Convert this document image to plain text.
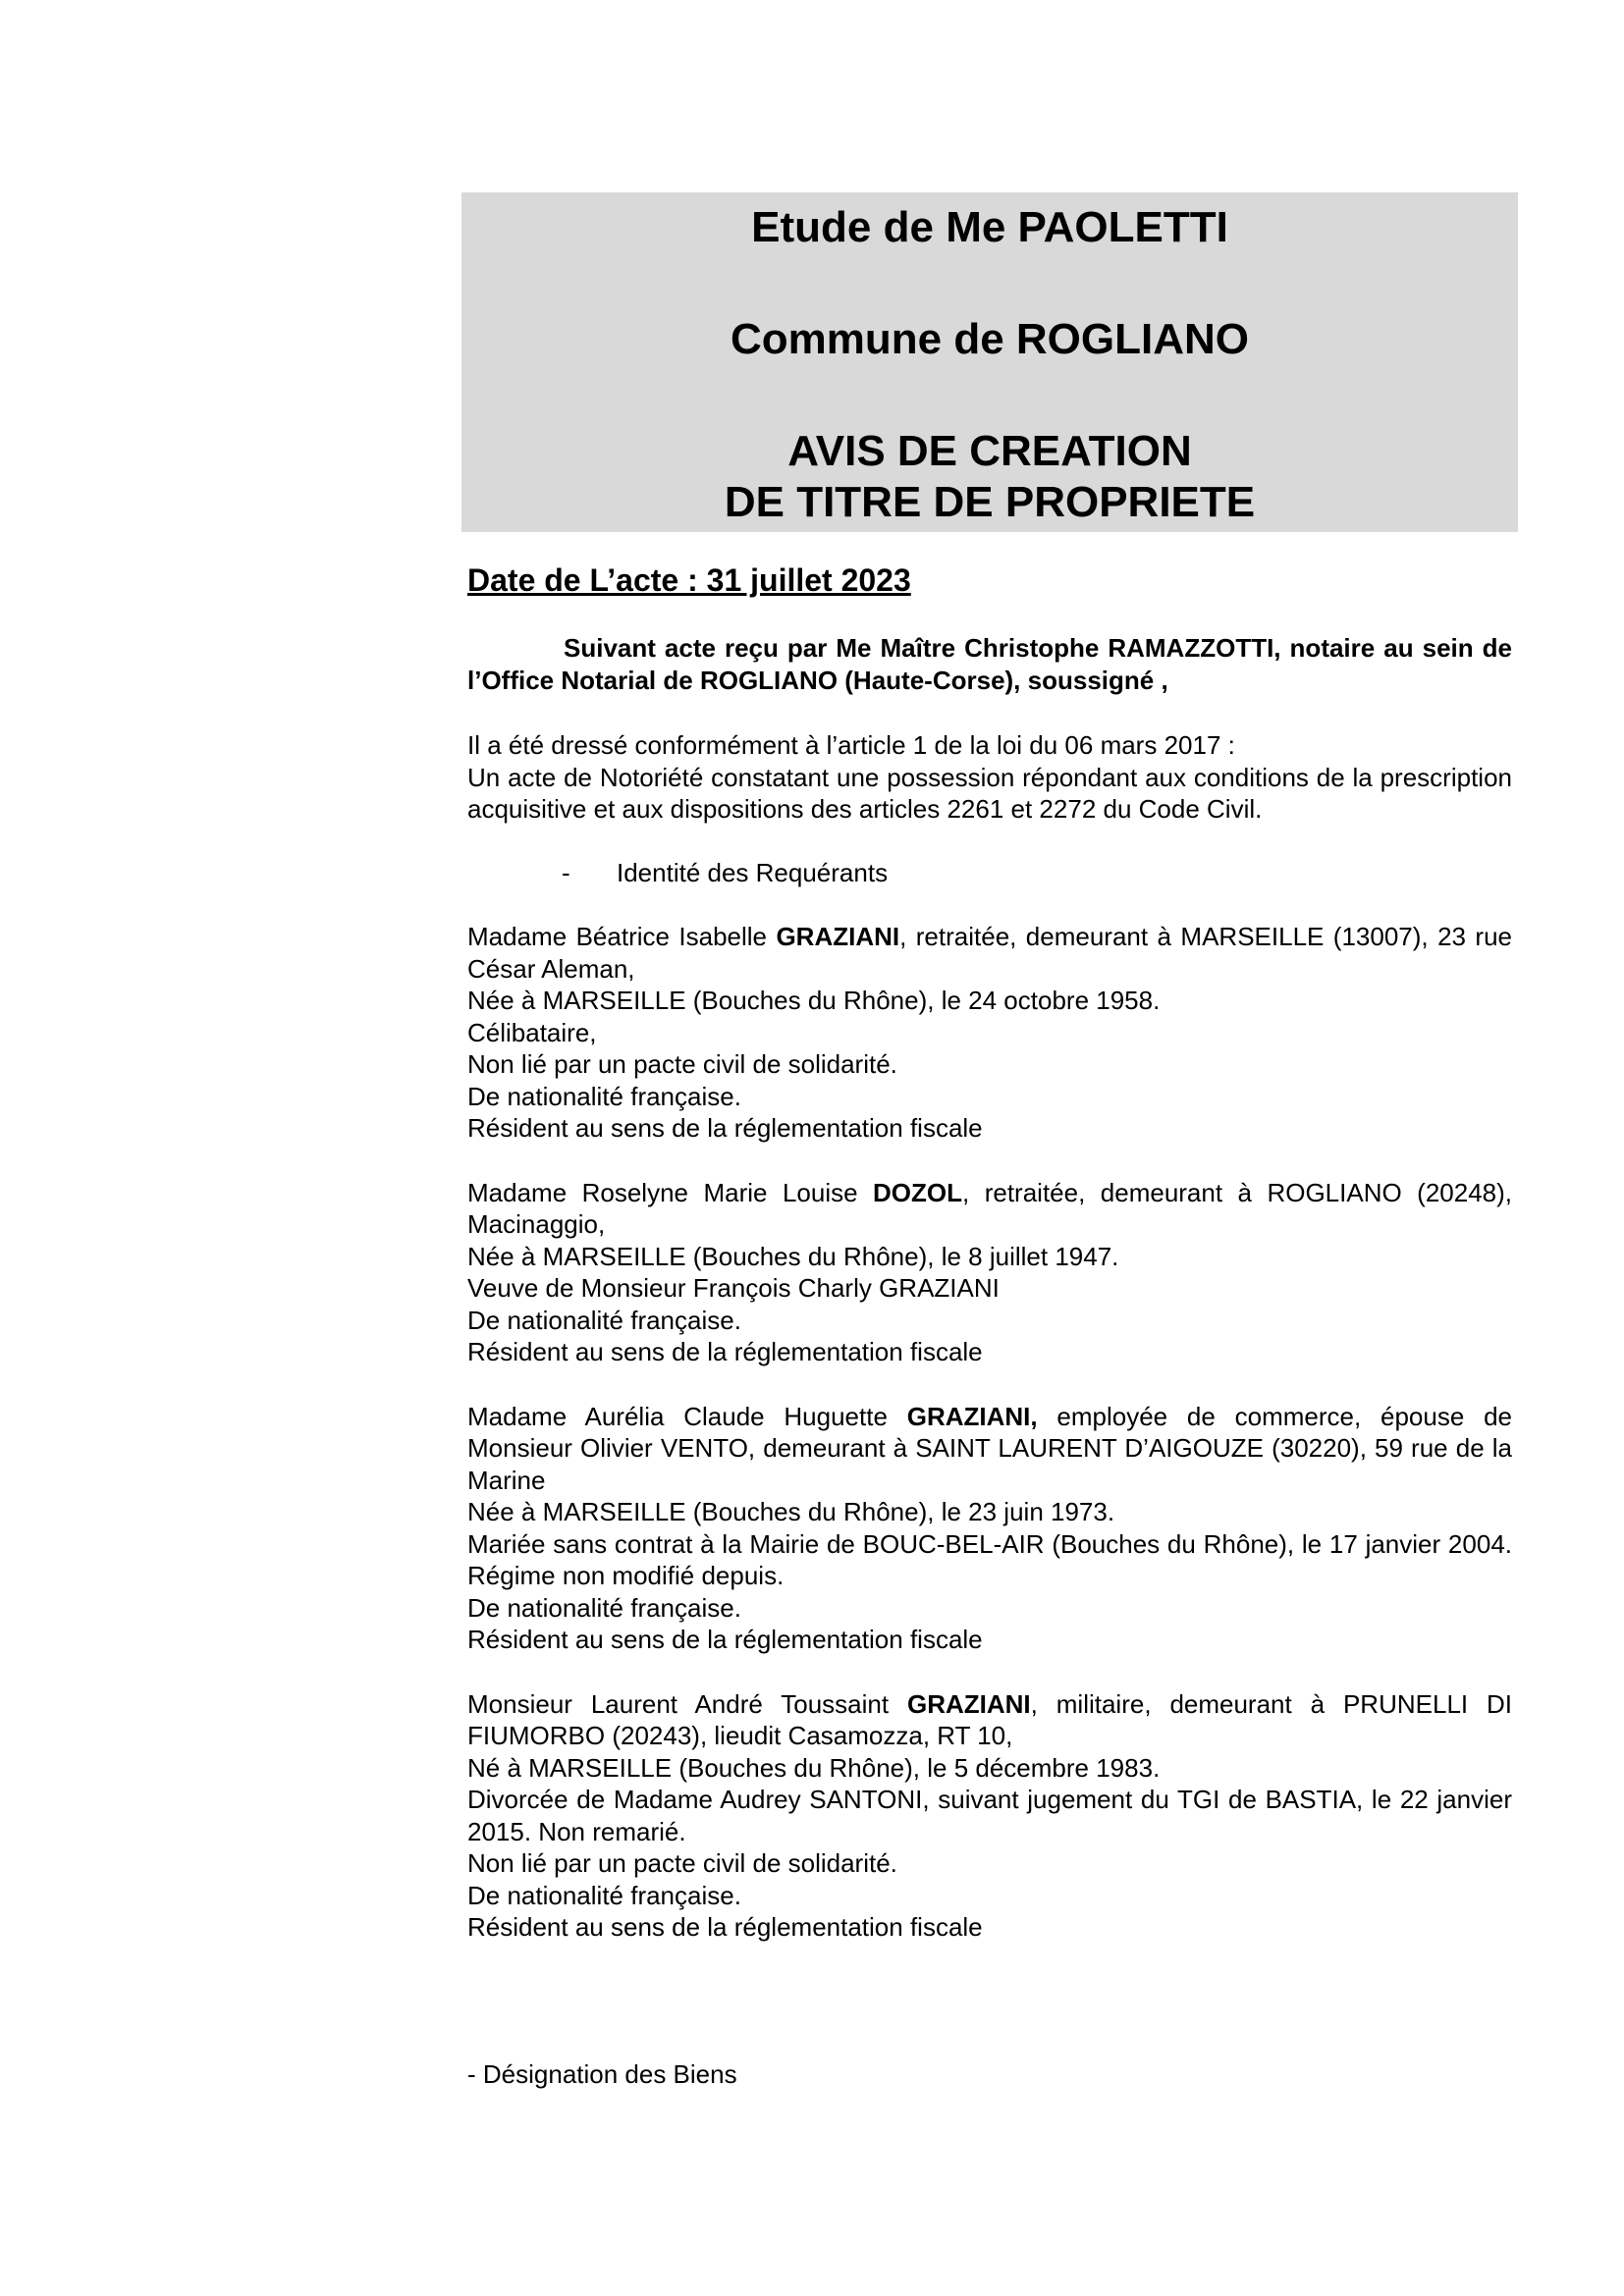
Etude de Me PAOLETTI
Commune de ROGLIANO
AVIS DE CREATION
DE TITRE DE PROPRIETE
Date de L’acte : 31 juillet 2023

Suivant acte reçu par Me Maître Christophe RAMAZZOTTI, notaire au sein de l’Office Notarial de ROGLIANO (Haute-Corse), soussigné ,

Il a été dressé conformément à l’article 1 de la loi du 06 mars 2017 :

Un acte de Notoriété constatant une possession répondant aux conditions de la prescription acquisitive et aux dispositions des articles 2261 et 2272 du Code Civil.

- Identité des Requérants

Madame Béatrice Isabelle GRAZIANI, retraitée, demeurant à MARSEILLE (13007), 23 rue César Aleman,

Née à MARSEILLE (Bouches du Rhône), le 24 octobre 1958.

Célibataire,

Non lié par un pacte civil de solidarité.

De nationalité française.

Résident au sens de la réglementation fiscale

Madame Roselyne Marie Louise DOZOL, retraitée, demeurant à ROGLIANO (20248), Macinaggio,

Née à MARSEILLE (Bouches du Rhône), le 8 juillet 1947.

Veuve de Monsieur François Charly GRAZIANI

De nationalité française.

Résident au sens de la réglementation fiscale

Madame Aurélia Claude Huguette GRAZIANI, employée de commerce, épouse de Monsieur Olivier VENTO, demeurant à SAINT LAURENT D’AIGOUZE (30220), 59 rue de la Marine

Née à MARSEILLE (Bouches du Rhône), le 23 juin 1973.

Mariée sans contrat à la Mairie de BOUC-BEL-AIR (Bouches du Rhône), le 17 janvier 2004. Régime non modifié depuis.

De nationalité française.

Résident au sens de la réglementation fiscale

Monsieur Laurent André Toussaint GRAZIANI, militaire, demeurant à PRUNELLI DI FIUMORBO (20243), lieudit Casamozza, RT 10,

Né à MARSEILLE (Bouches du Rhône), le 5 décembre 1983.

Divorcée de Madame Audrey SANTONI, suivant jugement du TGI de BASTIA, le 22 janvier 2015. Non remarié.

Non lié par un pacte civil de solidarité.

De nationalité française.

Résident au sens de la réglementation fiscale

- Désignation des Biens
